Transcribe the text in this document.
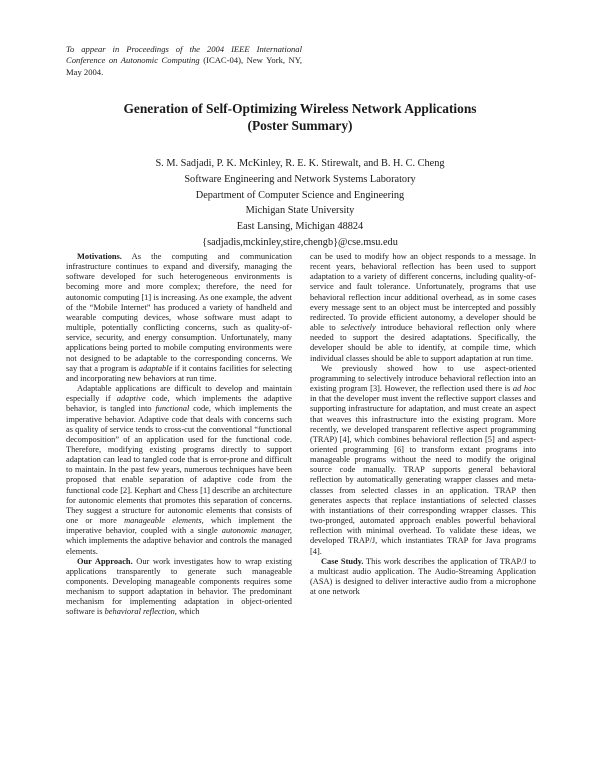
To appear in Proceedings of the 2004 IEEE International Conference on Autonomic Computing (ICAC-04), New York, NY, May 2004.
Generation of Self-Optimizing Wireless Network Applications
(Poster Summary)
S. M. Sadjadi, P. K. McKinley, R. E. K. Stirewalt, and B. H. C. Cheng
Software Engineering and Network Systems Laboratory
Department of Computer Science and Engineering
Michigan State University
East Lansing, Michigan 48824
{sadjadis,mckinley,stire,chengb}@cse.msu.edu

Motivations. As the computing and communication infrastructure continues to expand and diversify, managing the software developed for such heterogeneous environments is becoming more and more complex; therefore, the need for autonomic computing [1] is increasing. As one example, the advent of the “Mobile Internet” has produced a variety of handheld and wearable computing devices, whose software must adapt to multiple, potentially conflicting concerns, such as quality-of-service, security, and energy consumption. Unfortunately, many applications being ported to mobile computing environments were not designed to be adaptable to the corresponding concerns. We say that a program is adaptable if it contains facilities for selecting and incorporating new behaviors at run time.

Adaptable applications are difficult to develop and maintain especially if adaptive code, which implements the adaptive behavior, is tangled into functional code, which implements the imperative behavior. Adaptive code that deals with concerns such as quality of service tends to cross-cut the conventional “functional decomposition” of an application used for the functional code. Therefore, modifying existing programs directly to support adaptation can lead to tangled code that is error-prone and difficult to maintain. In the past few years, numerous techniques have been proposed that enable separation of adaptive code from the functional code [2]. Kephart and Chess [1] describe an architecture for autonomic elements that promotes this separation of concerns. They suggest a structure for autonomic elements that consists of one or more manageable elements, which implement the imperative behavior, coupled with a single autonomic manager, which implements the adaptive behavior and controls the managed elements.

Our Approach. Our work investigates how to wrap existing applications transparently to generate such manageable components. Developing manageable components requires some mechanism to support adaptation in behavior. The predominant mechanism for implementing adaptation in object-oriented software is behavioral reflection, which

can be used to modify how an object responds to a message. In recent years, behavioral reflection has been used to support adaptation to a variety of different concerns, including quality-of-service and fault tolerance. Unfortunately, programs that use behavioral reflection incur additional overhead, as in some cases every message sent to an object must be intercepted and possibly redirected. To provide efficient autonomy, a developer should be able to selectively introduce behavioral reflection only where needed to support the desired adaptations. Specifically, the developer should be able to identify, at compile time, which individual classes should be able to support adaptation at run time.

We previously showed how to use aspect-oriented programming to selectively introduce behavioral reflection into an existing program [3]. However, the reflection used there is ad hoc in that the developer must invent the reflective support classes and supporting infrastructure for adaptation, and must create an aspect that weaves this infrastructure into the existing program. More recently, we developed transparent reflective aspect programming (TRAP) [4], which combines behavioral reflection [5] and aspect-oriented programming [6] to transform extant programs into manageable programs without the need to modify the original source code manually. TRAP supports general behavioral reflection by automatically generating wrapper classes and meta-classes from selected classes in an application. TRAP then generates aspects that replace instantiations of selected classes with instantiations of their corresponding wrapper classes. This two-pronged, automated approach enables powerful behavioral reflection with minimal overhead. To validate these ideas, we developed TRAP/J, which instantiates TRAP for Java programs [4].

Case Study. This work describes the application of TRAP/J to a multicast audio application. The Audio-Streaming Application (ASA) is designed to deliver interactive audio from a microphone at one network
